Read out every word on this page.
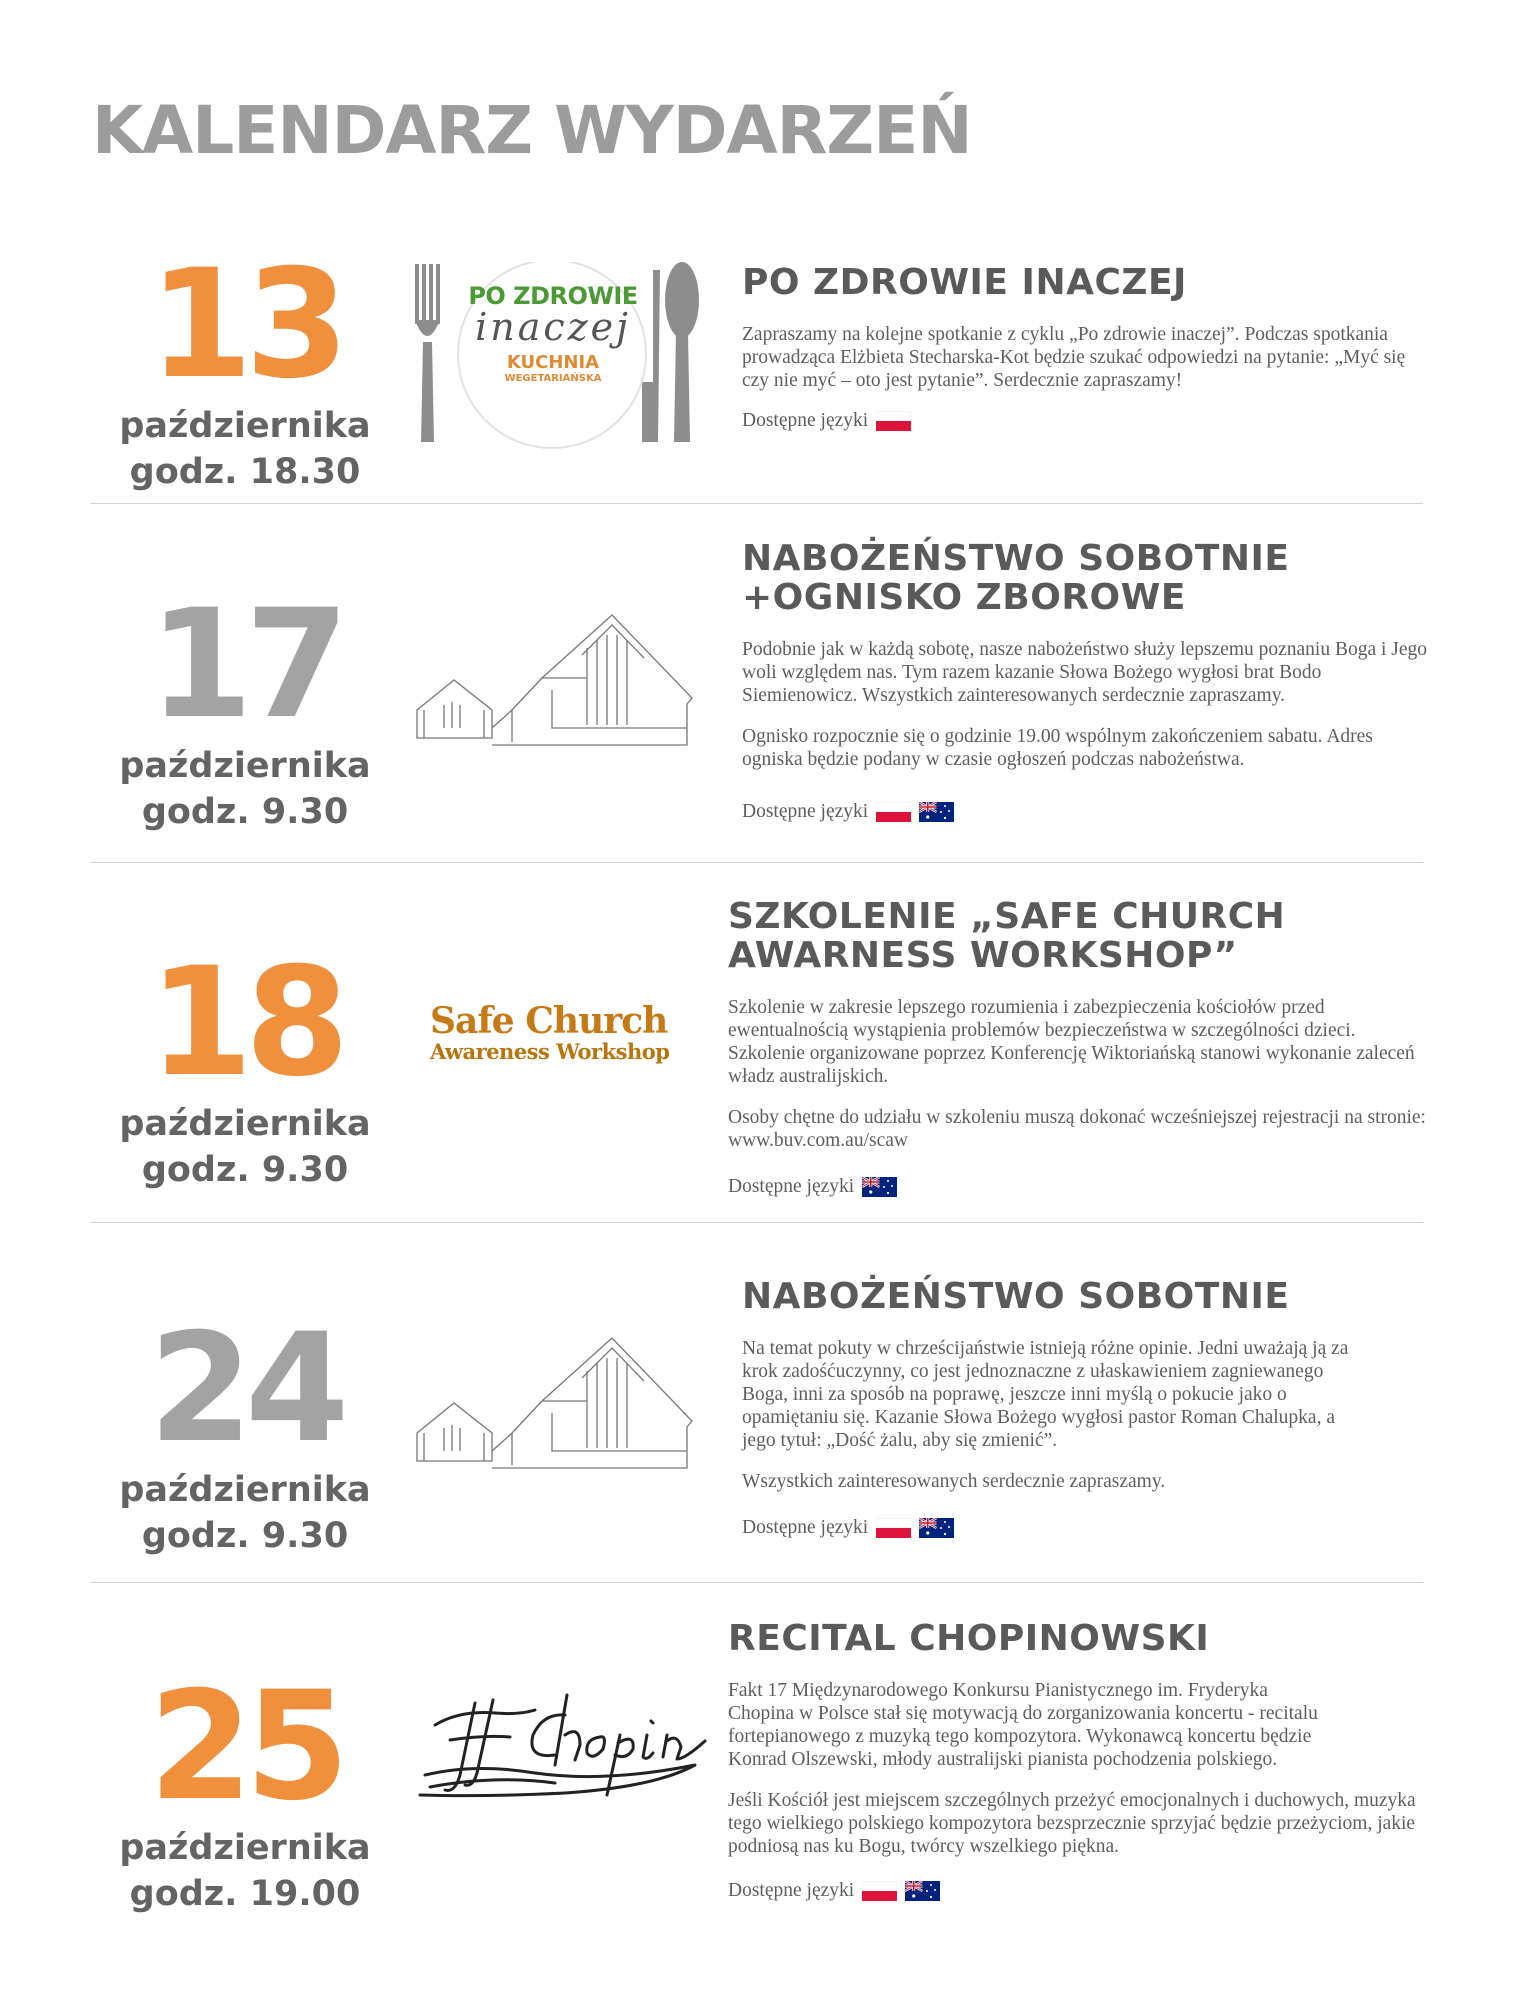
KALENDARZ WYDARZEŃ
13
października
godz. 18.30
PO ZDROWIE
inaczej
KUCHNIA
WEGETARIAŃSKA
PO ZDROWIE INACZEJ

Zapraszamy na kolejne spotkanie z cyklu „Po zdrowie inaczej”. Podczas spotkania prowadząca Elżbieta Stecharska-Kot będzie szukać odpowiedzi na pytanie: „Myć się czy nie myć – oto jest pytanie”. Serdecznie zapraszamy!

Dostępne języki
17
października
godz. 9.30
NABOŻEŃSTWO SOBOTNIE +OGNISKO ZBOROWE

Podobnie jak w każdą sobotę, nasze nabożeństwo służy lepszemu poznaniu Boga i Jego woli względem nas. Tym razem kazanie Słowa Bożego wygłosi brat Bodo Siemienowicz. Wszystkich zainteresowanych serdecznie zapraszamy.

Ognisko rozpocznie się o godzinie 19.00 wspólnym zakończeniem sabatu. Adres ogniska będzie podany w czasie ogłoszeń podczas nabożeństwa.

Dostępne języki
18
października
godz. 9.30
Safe Church
Awareness Workshop
SZKOLENIE „SAFE CHURCH AWARNESS WORKSHOP”

Szkolenie w zakresie lepszego rozumienia i zabezpieczenia kościołów przed ewentualnością wystąpienia problemów bezpieczeństwa w szczególności dzieci. Szkolenie organizowane poprzez Konferencję Wiktoriańską stanowi wykonanie zaleceń władz australijskich.

Osoby chętne do udziału w szkoleniu muszą dokonać wcześniejszej rejestracji na stronie: www.buv.com.au/scaw

Dostępne języki
24
października
godz. 9.30
NABOŻEŃSTWO SOBOTNIE

Na temat pokuty w chrześcijaństwie istnieją różne opinie. Jedni uważają ją za krok zadośćuczynny, co jest jednoznaczne z ułaskawieniem zagniewanego Boga, inni za sposób na poprawę, jeszcze inni myślą o pokucie jako o opamiętaniu się. Kazanie Słowa Bożego wygłosi pastor Roman Chalupka, a jego tytuł: „Dość żalu, aby się zmienić”.

Wszystkich zainteresowanych serdecznie zapraszamy.

Dostępne języki
25
października
godz. 19.00
RECITAL CHOPINOWSKI

Fakt 17 Międzynarodowego Konkursu Pianistycznego im. Fryderyka Chopina w Polsce stał się motywacją do zorganizowania koncertu - recitalu fortepianowego z muzyką tego kompozytora. Wykonawcą koncertu będzie Konrad Olszewski, młody australijski pianista pochodzenia polskiego.

Jeśli Kościół jest miejscem szczególnych przeżyć emocjonalnych i duchowych, muzyka tego wielkiego polskiego kompozytora bezsprzecznie sprzyjać będzie przeżyciom, jakie podniosą nas ku Bogu, twórcy wszelkiego piękna.

Dostępne języki
